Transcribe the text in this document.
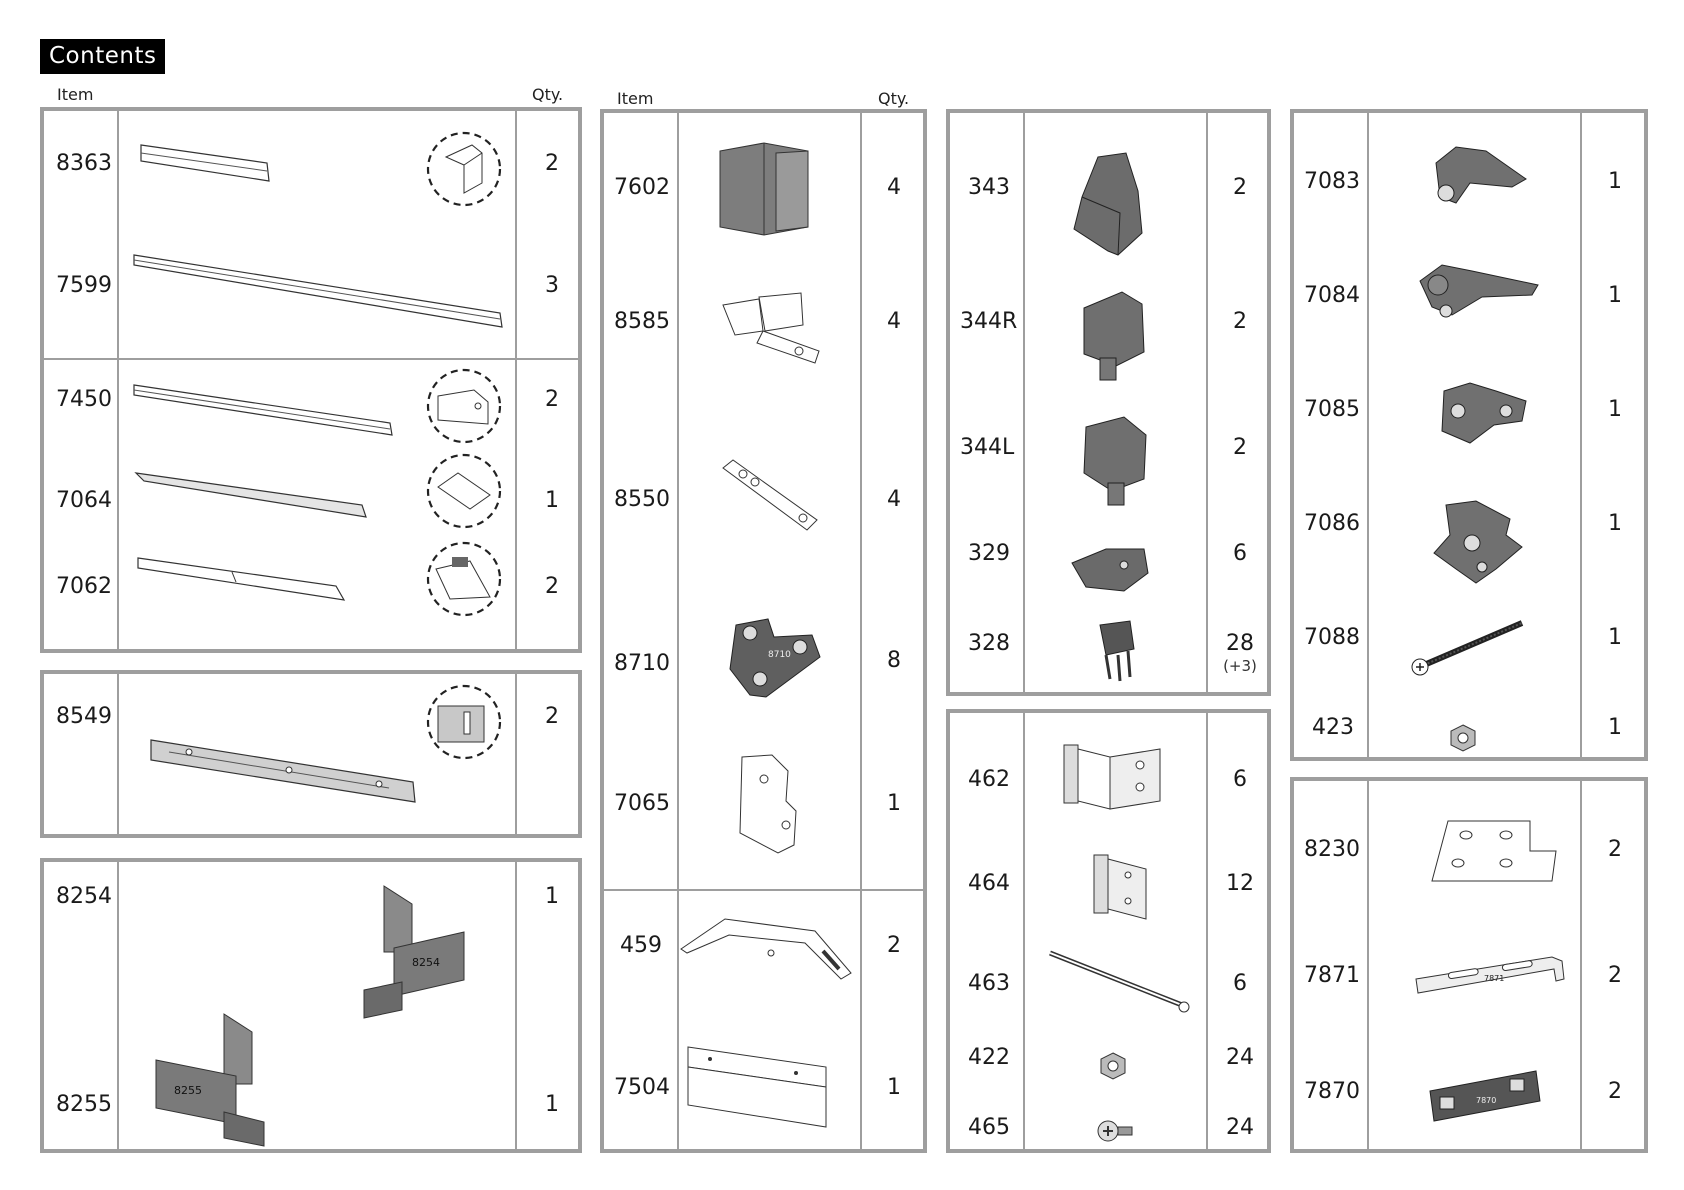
Contents
Item	Qty.	Item	Qty.
8363	2
7599	3
7450	2
7064	1
7062	2
8549	2
8254	1
8255	1
8254
8255
7602	4
8585	4
8550	4
8710	8
7065	1
459	2
7504	1
8710
343	2
344R	2
344L	2
329	6
328	28
(+3)
462	6
464	12
463	6
422	24
465	24
7083	1
7084	1
7085	1
7086	1
7088	1
423	1
8230	2
7871	2
7870	2
7871
7870
